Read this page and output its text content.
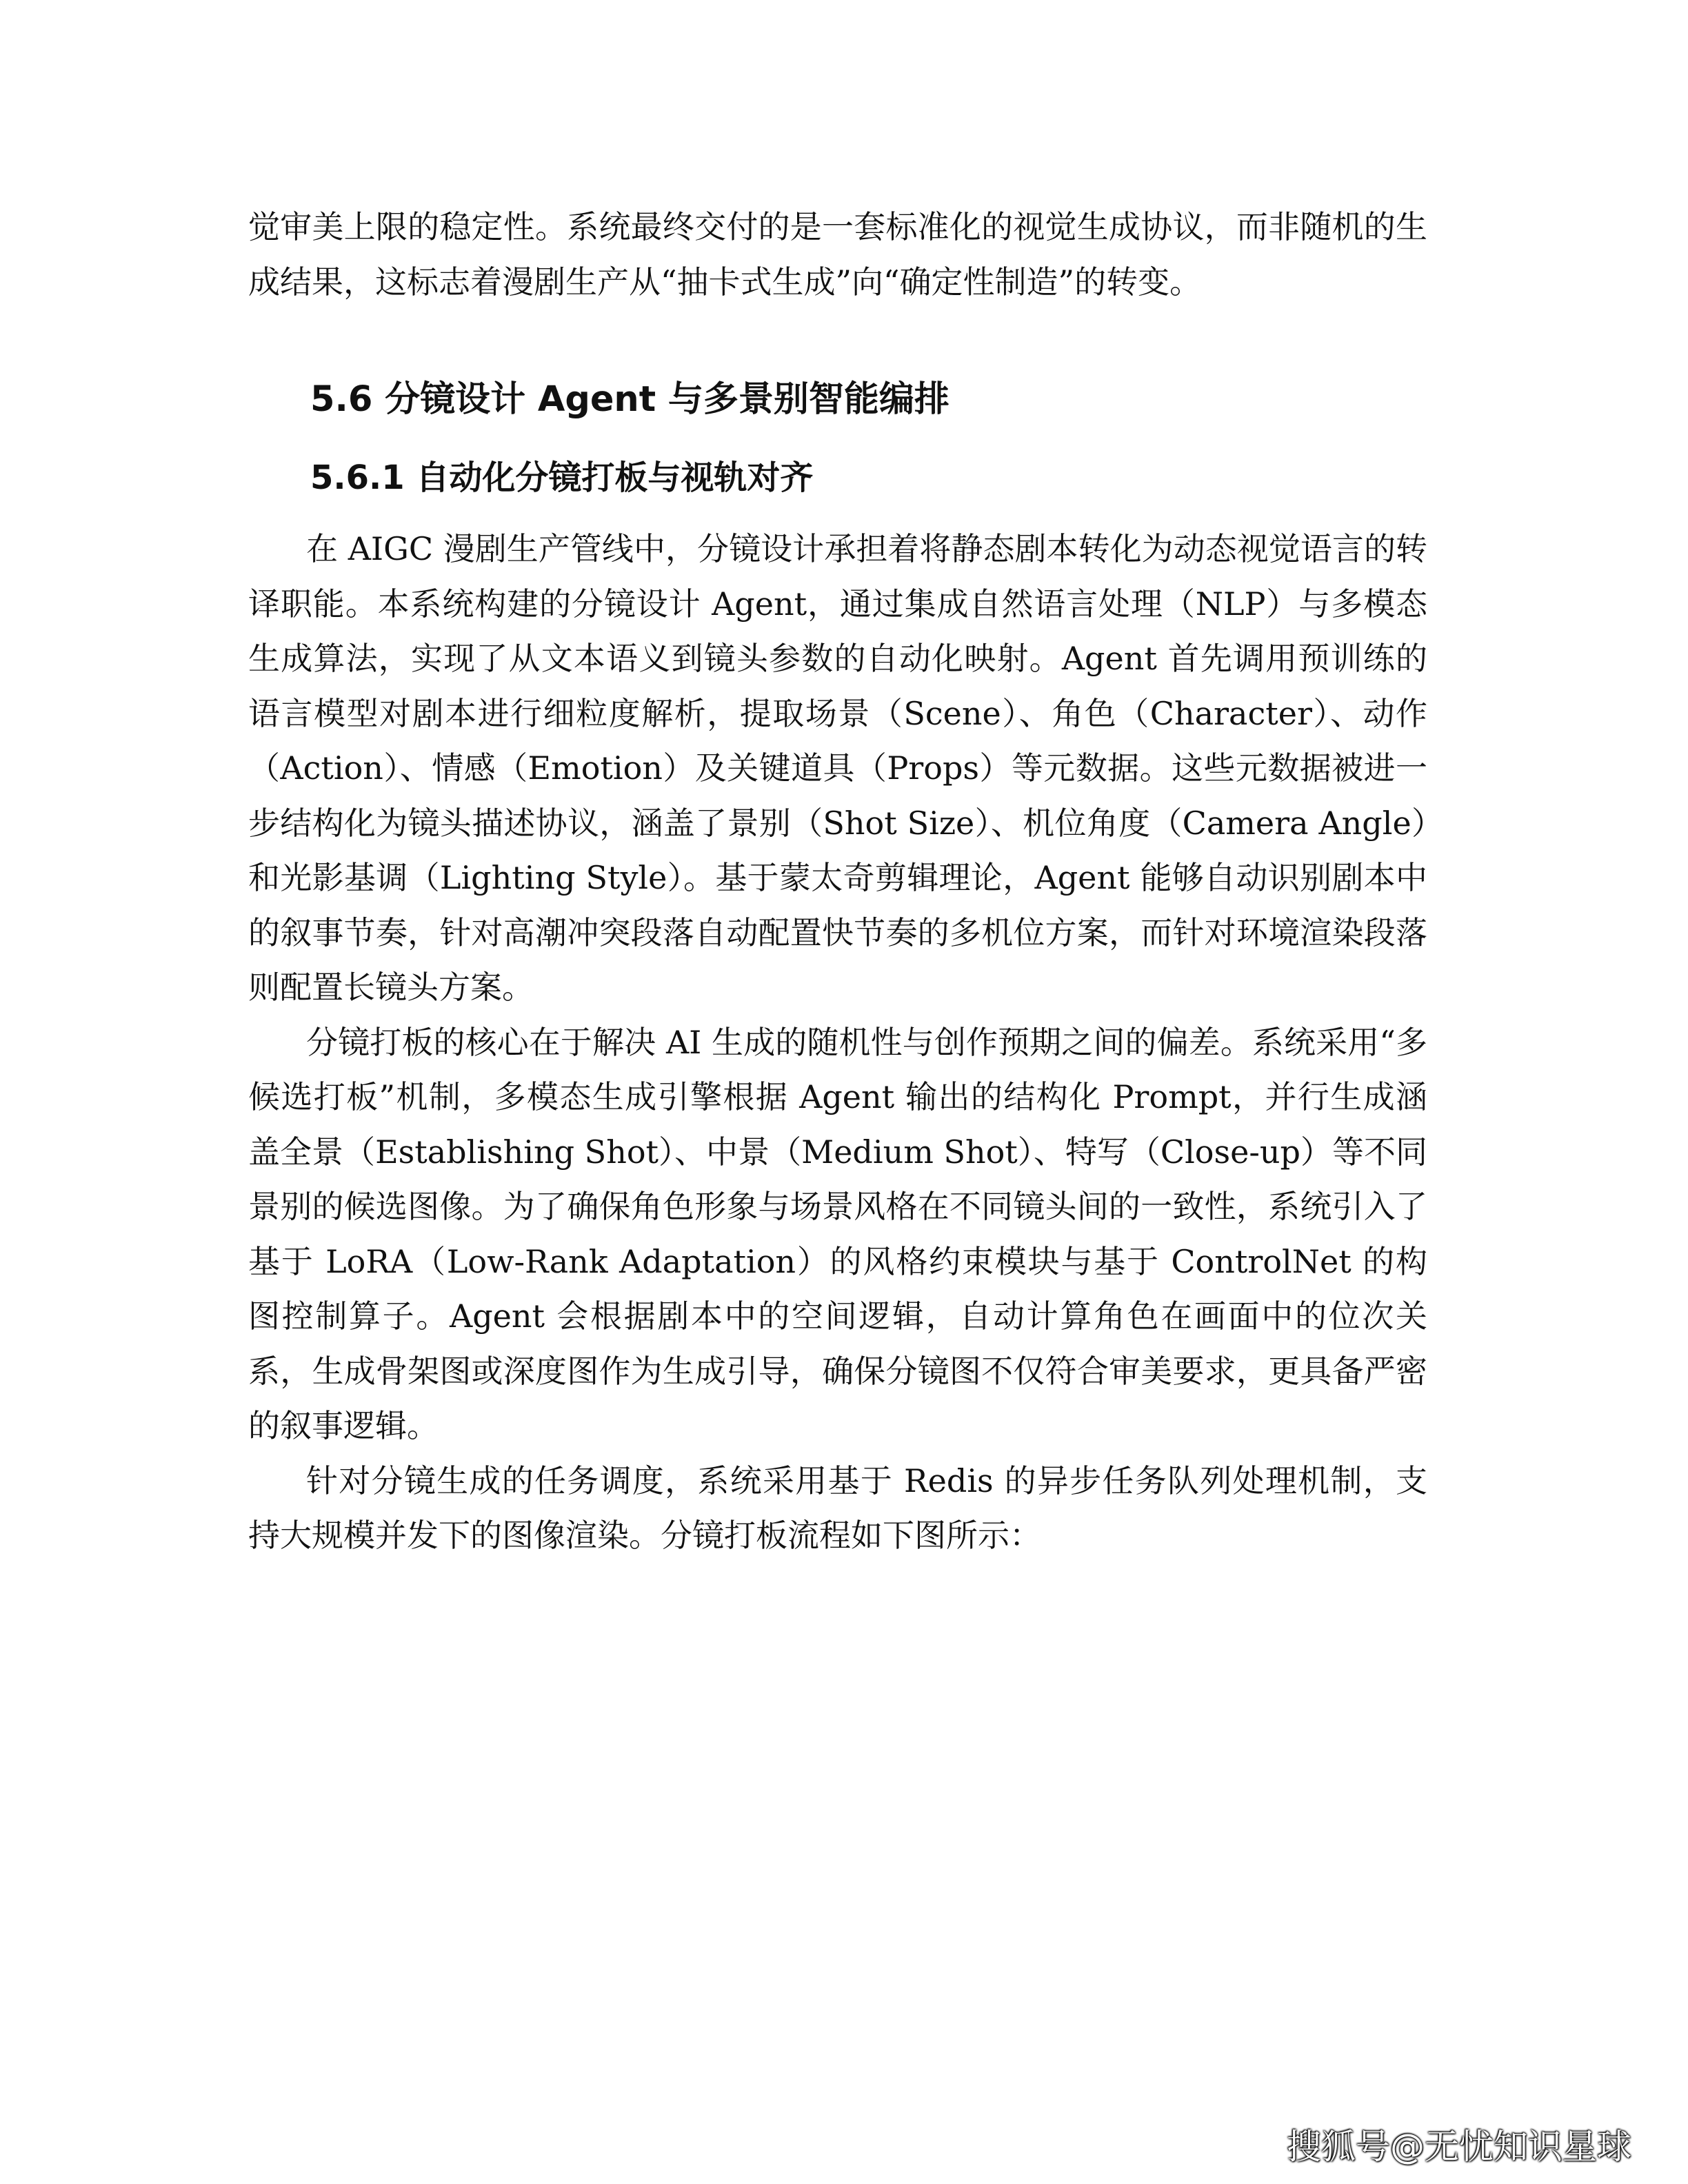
觉审美上限的稳定性。系统最终交付的是一套标准化的视觉生成协议，而非随机的生成结果，这标志着漫剧生产从“抽卡式生成”向“确定性制造”的转变。

5.6 分镜设计 Agent 与多景别智能编排
5.6.1 自动化分镜打板与视轨对齐

在 AIGC 漫剧生产管线中，分镜设计承担着将静态剧本转化为动态视觉语言的转译职能。本系统构建的分镜设计 Agent，通过集成自然语言处理（NLP）与多模态生成算法，实现了从文本语义到镜头参数的自动化映射。Agent 首先调用预训练的语言模型对剧本进行细粒度解析，提取场景（Scene）、角色（Character）、动作（Action）、情感（Emotion）及关键道具（Props）等元数据。这些元数据被进一步结构化为镜头描述协议，涵盖了景别（Shot Size）、机位角度（Camera Angle）和光影基调（Lighting Style）。基于蒙太奇剪辑理论，Agent 能够自动识别剧本中的叙事节奏，针对高潮冲突段落自动配置快节奏的多机位方案，而针对环境渲染段落则配置长镜头方案。

分镜打板的核心在于解决 AI 生成的随机性与创作预期之间的偏差。系统采用“多候选打板”机制，多模态生成引擎根据 Agent 输出的结构化 Prompt，并行生成涵盖全景（Establishing Shot）、中景（Medium Shot）、特写（Close-up）等不同景别的候选图像。为了确保角色形象与场景风格在不同镜头间的一致性，系统引入了基于 LoRA（Low-Rank Adaptation）的风格约束模块与基于 ControlNet 的构图控制算子。Agent 会根据剧本中的空间逻辑，自动计算角色在画面中的位次关系，生成骨架图或深度图作为生成引导，确保分镜图不仅符合审美要求，更具备严密的叙事逻辑。

针对分镜生成的任务调度，系统采用基于 Redis 的异步任务队列处理机制，支持大规模并发下的图像渲染。分镜打板流程如下图所示：

搜狐号@无忧知识星球
